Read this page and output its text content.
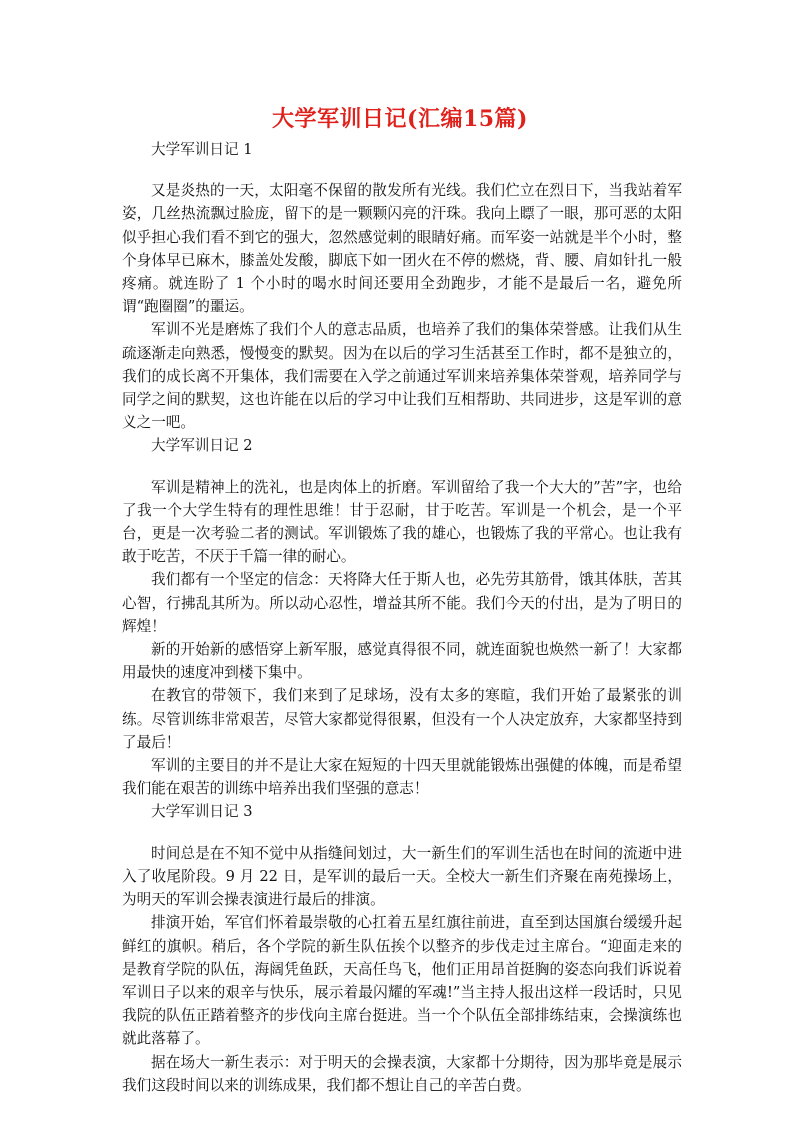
大学军训日记(汇编15篇)

大学军训日记 1

又是炎热的一天，太阳毫不保留的散发所有光线。我们伫立在烈日下，当我站着军姿，几丝热流飘过脸庞，留下的是一颗颗闪亮的汗珠。我向上瞟了一眼，那可恶的太阳似乎担心我们看不到它的强大，忽然感觉刺的眼睛好痛。而军姿一站就是半个小时，整个身体早已麻木，膝盖处发酸，脚底下如一团火在不停的燃烧，背、腰、肩如针扎一般疼痛。就连盼了 1 个小时的喝水时间还要用全劲跑步，才能不是最后一名，避免所谓“跑圈圈”的噩运。

军训不光是磨炼了我们个人的意志品质，也培养了我们的集体荣誉感。让我们从生疏逐渐走向熟悉，慢慢变的默契。因为在以后的学习生活甚至工作时，都不是独立的，我们的成长离不开集体，我们需要在入学之前通过军训来培养集体荣誉观，培养同学与同学之间的默契，这也许能在以后的学习中让我们互相帮助、共同进步，这是军训的意义之一吧。

大学军训日记 2

军训是精神上的洗礼，也是肉体上的折磨。军训留给了我一个大大的”苦”字，也给了我一个大学生特有的理性思维！甘于忍耐，甘于吃苦。军训是一个机会，是一个平台，更是一次考验二者的测试。军训锻炼了我的雄心，也锻炼了我的平常心。也让我有敢于吃苦，不厌于千篇一律的耐心。

我们都有一个坚定的信念：天将降大任于斯人也，必先劳其筋骨，饿其体肤，苦其心智，行拂乱其所为。所以动心忍性，增益其所不能。我们今天的付出，是为了明日的辉煌！

新的开始新的感悟穿上新军服，感觉真得很不同，就连面貌也焕然一新了！大家都用最快的速度冲到楼下集中。

在教官的带领下，我们来到了足球场，没有太多的寒暄，我们开始了最紧张的训练。尽管训练非常艰苦，尽管大家都觉得很累，但没有一个人决定放弃，大家都坚持到了最后！

军训的主要目的并不是让大家在短短的十四天里就能锻炼出强健的体魄，而是希望我们能在艰苦的训练中培养出我们坚强的意志！

大学军训日记 3

时间总是在不知不觉中从指缝间划过，大一新生们的军训生活也在时间的流逝中进入了收尾阶段。9 月 22 日，是军训的最后一天。全校大一新生们齐聚在南苑操场上，为明天的军训会操表演进行最后的排演。

排演开始，军官们怀着最崇敬的心扛着五星红旗往前进，直至到达国旗台缓缓升起鲜红的旗帜。稍后，各个学院的新生队伍挨个以整齐的步伐走过主席台。“迎面走来的是教育学院的队伍，海阔凭鱼跃，天高任鸟飞，他们正用昂首挺胸的姿态向我们诉说着军训日子以来的艰辛与快乐，展示着最闪耀的军魂!”当主持人报出这样一段话时，只见我院的队伍正踏着整齐的步伐向主席台挺进。当一个个队伍全部排练结束，会操演练也就此落幕了。

据在场大一新生表示：对于明天的会操表演，大家都十分期待，因为那毕竟是展示我们这段时间以来的训练成果，我们都不想让自己的辛苦白费。
